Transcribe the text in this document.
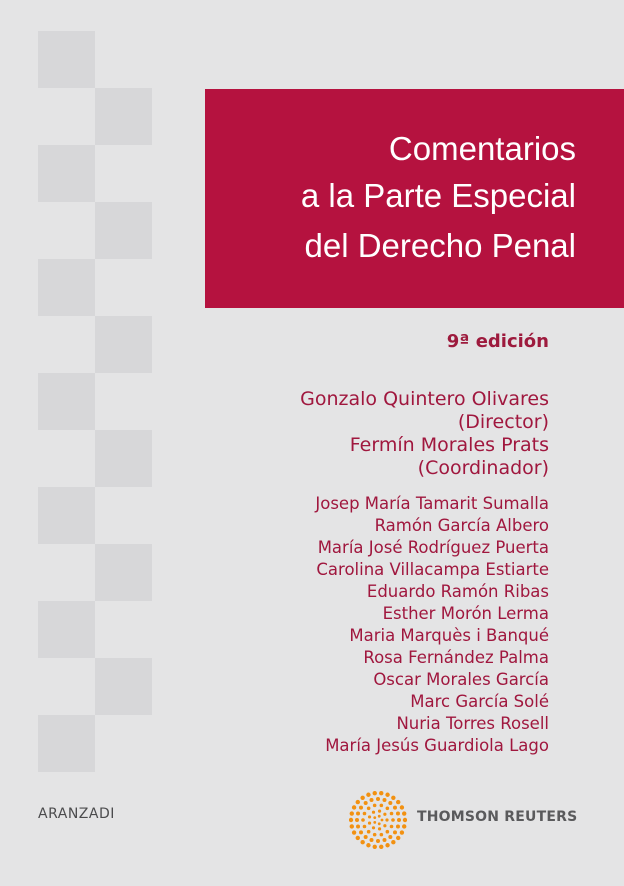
Comentarios
a la Parte Especial
del Derecho Penal
9ª edición
Gonzalo Quintero Olivares
(Director)
Fermín Morales Prats
(Coordinador)
Josep María Tamarit Sumalla
Ramón García Albero
María José Rodríguez Puerta
Carolina Villacampa Estiarte
Eduardo Ramón Ribas
Esther Morón Lerma
Maria Marquès i Banqué
Rosa Fernández Palma
Oscar Morales García
Marc García Solé
Nuria Torres Rosell
María Jesús Guardiola Lago
ARANZADI	THOMSON REUTERS
